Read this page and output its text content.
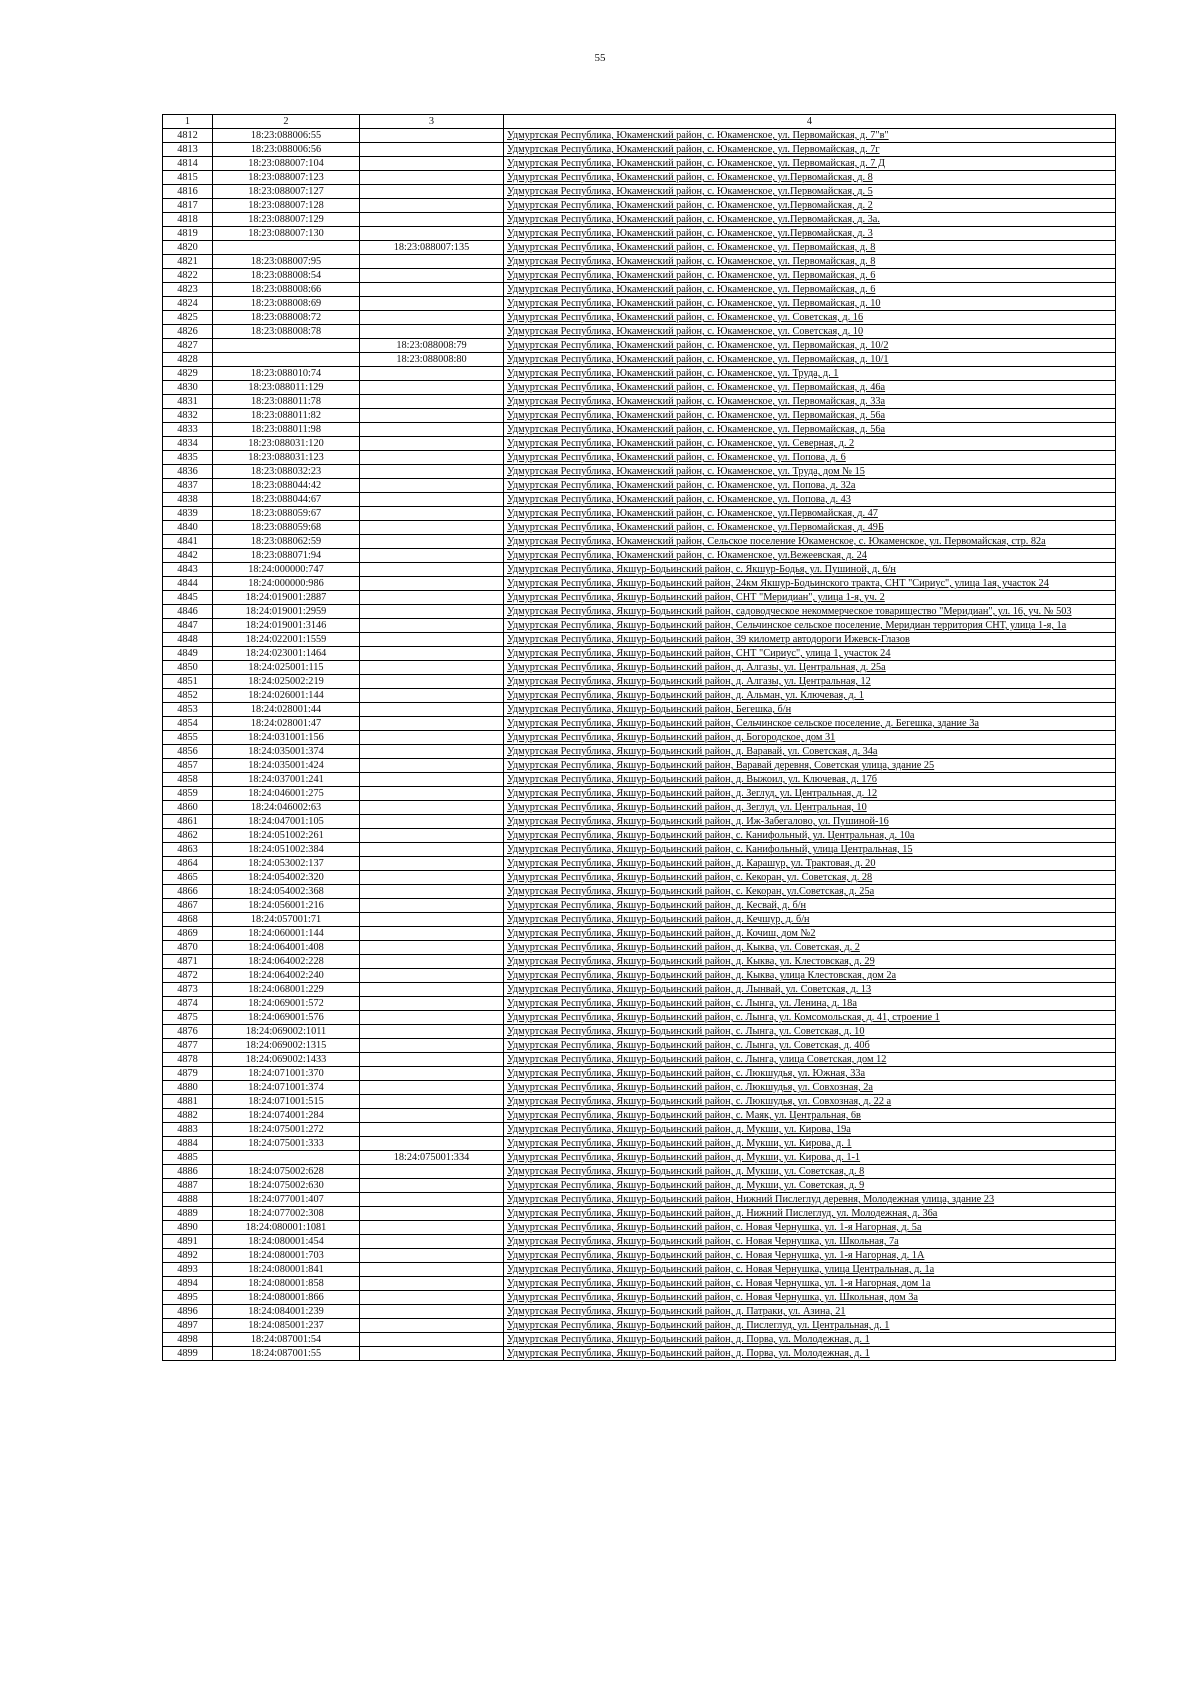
55
1	2	3	4
4812	18:23:088006:55		Удмуртская Республика, Юкаменский район, с. Юкаменское, ул. Первомайская, д. 7"в"
4813	18:23:088006:56		Удмуртская Республика, Юкаменский район, с. Юкаменское, ул. Первомайская, д. 7г
4814	18:23:088007:104		Удмуртская Республика, Юкаменский район, с. Юкаменское, ул. Первомайская, д. 7 Д
4815	18:23:088007:123		Удмуртская Республика, Юкаменский район, с. Юкаменское, ул.Первомайская, д. 8
4816	18:23:088007:127		Удмуртская Республика, Юкаменский район, с. Юкаменское, ул.Первомайская, д. 5
4817	18:23:088007:128		Удмуртская Республика, Юкаменский район, с. Юкаменское, ул.Первомайская, д. 2
4818	18:23:088007:129		Удмуртская Республика, Юкаменский район, с. Юкаменское, ул.Первомайская, д. 3а.
4819	18:23:088007:130		Удмуртская Республика, Юкаменский район, с. Юкаменское, ул.Первомайская, д. 3
4820		18:23:088007:135	Удмуртская Республика, Юкаменский район, с. Юкаменское, ул. Первомайская, д. 8
4821	18:23:088007:95		Удмуртская Республика, Юкаменский район, с. Юкаменское, ул. Первомайская, д. 8
4822	18:23:088008:54		Удмуртская Республика, Юкаменский район, с. Юкаменское, ул. Первомайская, д. 6
4823	18:23:088008:66		Удмуртская Республика, Юкаменский район, с. Юкаменское, ул. Первомайская, д. 6
4824	18:23:088008:69		Удмуртская Республика, Юкаменский район, с. Юкаменское, ул. Первомайская, д. 10
4825	18:23:088008:72		Удмуртская Республика, Юкаменский район, с. Юкаменское, ул. Советская, д. 16
4826	18:23:088008:78		Удмуртская Республика, Юкаменский район, с. Юкаменское, ул. Советская, д. 10
4827		18:23:088008:79	Удмуртская Республика, Юкаменский район, с. Юкаменское, ул. Первомайская, д. 10/2
4828		18:23:088008:80	Удмуртская Республика, Юкаменский район, с. Юкаменское, ул. Первомайская, д. 10/1
4829	18:23:088010:74		Удмуртская Республика, Юкаменский район, с. Юкаменское, ул. Труда, д. 1
4830	18:23:088011:129		Удмуртская Республика, Юкаменский район, с. Юкаменское, ул. Первомайская, д. 46а
4831	18:23:088011:78		Удмуртская Республика, Юкаменский район, с. Юкаменское, ул. Первомайская, д. 33а
4832	18:23:088011:82		Удмуртская Республика, Юкаменский район, с. Юкаменское, ул. Первомайская, д. 56а
4833	18:23:088011:98		Удмуртская Республика, Юкаменский район, с. Юкаменское, ул. Первомайская, д. 56а
4834	18:23:088031:120		Удмуртская Республика, Юкаменский район, с. Юкаменское, ул. Северная, д. 2
4835	18:23:088031:123		Удмуртская Республика, Юкаменский район, с. Юкаменское, ул. Попова, д. 6
4836	18:23:088032:23		Удмуртская Республика, Юкаменский район, с. Юкаменское, ул. Труда, дом № 15
4837	18:23:088044:42		Удмуртская Республика, Юкаменский район, с. Юкаменское, ул. Попова, д. 32а
4838	18:23:088044:67		Удмуртская Республика, Юкаменский район, с. Юкаменское, ул. Попова, д. 43
4839	18:23:088059:67		Удмуртская Республика, Юкаменский район, с. Юкаменское, ул.Первомайская, д. 47
4840	18:23:088059:68		Удмуртская Республика, Юкаменский район, с. Юкаменское, ул.Первомайская, д. 49Б
4841	18:23:088062:59		Удмуртская Республика, Юкаменский район, Сельское поселение Юкаменское, с. Юкаменское, ул. Первомайская, стр. 82а
4842	18:23:088071:94		Удмуртская Республика, Юкаменский район, с. Юкаменское, ул.Вежеевская, д. 24
4843	18:24:000000:747		Удмуртская Республика, Якшур-Бодьинский район, с. Якшур-Бодья, ул. Пушиной, д. 6/н
4844	18:24:000000:986		Удмуртская Республика, Якшур-Бодьинский район, 24км Якшур-Бодьинского тракта, СНТ "Сириус", улица 1ая, участок 24
4845	18:24:019001:2887		Удмуртская Республика, Якшур-Бодьинский район, СНТ "Меридиан", улица 1-я, уч. 2
4846	18:24:019001:2959		Удмуртская Республика, Якшур-Бодьинский район, садоводческое некоммерческое товарищество "Меридиан", ул. 16, уч. № 503
4847	18:24:019001:3146		Удмуртская Республика, Якшур-Бодьинский район, Сельчинское сельское поселение, Меридиан территория СНТ, улица 1-я, 1а
4848	18:24:022001:1559		Удмуртская Республика, Якшур-Бодьинский район, 39 километр автодороги Ижевск-Глазов
4849	18:24:023001:1464		Удмуртская Республика, Якшур-Бодьинский район, СНТ "Сириус", улица 1, участок 24
4850	18:24:025001:115		Удмуртская Республика, Якшур-Бодьинский район, д. Алгазы, ул. Центральная, д. 25а
4851	18:24:025002:219		Удмуртская Республика, Якшур-Бодьинский район, д. Алгазы, ул. Центральная, 12
4852	18:24:026001:144		Удмуртская Республика, Якшур-Бодьинский район, д. Альман, ул. Ключевая, д. 1
4853	18:24:028001:44		Удмуртская Республика, Якшур-Бодьинский район, Бегешка, б/н
4854	18:24:028001:47		Удмуртская Республика, Якшур-Бодьинский район, Сельчинское сельское поселение, д. Бегешка, здание 3а
4855	18:24:031001:156		Удмуртская Республика, Якшур-Бодьинский район, д. Богородское, дом 31
4856	18:24:035001:374		Удмуртская Республика, Якшур-Бодьинский район, д. Варавай, ул. Советская, д. 34а
4857	18:24:035001:424		Удмуртская Республика, Якшур-Бодьинский район, Варавай деревня, Советская улица, здание 25
4858	18:24:037001:241		Удмуртская Республика, Якшур-Бодьинский район, д. Выжоил, ул. Ключевая, д. 17б
4859	18:24:046001:275		Удмуртская Республика, Якшур-Бодьинский район, д. Зеглуд, ул. Центральная, д. 12
4860	18:24:046002:63		Удмуртская Республика, Якшур-Бодьинский район, д. Зеглуд, ул. Центральная, 10
4861	18:24:047001:105		Удмуртская Республика, Якшур-Бодьинский район, д. Иж-Забегалово, ул. Пушиной-16
4862	18:24:051002:261		Удмуртская Республика, Якшур-Бодьинский район, с. Канифольный, ул. Центральная, д. 10а
4863	18:24:051002:384		Удмуртская Республика, Якшур-Бодьинский район, с. Канифольный, улица Центральная, 15
4864	18:24:053002:137		Удмуртская Республика, Якшур-Бодьинский район, д. Карашур, ул. Трактовая, д. 20
4865	18:24:054002:320		Удмуртская Республика, Якшур-Бодьинский район, с. Кекоран, ул. Советская, д. 28
4866	18:24:054002:368		Удмуртская Республика, Якшур-Бодьинский район, с. Кекоран, ул.Советская, д. 25а
4867	18:24:056001:216		Удмуртская Республика, Якшур-Бодьинский район, д. Кесвай, д. б/н
4868	18:24:057001:71		Удмуртская Республика, Якшур-Бодьинский район, д. Кечшур, д. б/н
4869	18:24:060001:144		Удмуртская Республика, Якшур-Бодьинский район, д. Кочиш, дом №2
4870	18:24:064001:408		Удмуртская Республика, Якшур-Бодьинский район, д. Кыква, ул. Советская, д. 2
4871	18:24:064002:228		Удмуртская Республика, Якшур-Бодьинский район, д. Кыква, ул. Клестовская, д. 29
4872	18:24:064002:240		Удмуртская Республика, Якшур-Бодьинский район, д. Кыква, улица Клестовская, дом 2а
4873	18:24:068001:229		Удмуртская Республика, Якшур-Бодьинский район, д. Лынвай, ул. Советская, д. 13
4874	18:24:069001:572		Удмуртская Республика, Якшур-Бодьинский район, с. Лынга, ул. Ленина, д. 18а
4875	18:24:069001:576		Удмуртская Республика, Якшур-Бодьинский район, с. Лынга, ул. Комсомольская, д. 41, строение 1
4876	18:24:069002:1011		Удмуртская Республика, Якшур-Бодьинский район, с. Лынга, ул. Советская, д. 10
4877	18:24:069002:1315		Удмуртская Республика, Якшур-Бодьинский район, с. Лынга, ул. Советская, д. 40б
4878	18:24:069002:1433		Удмуртская Республика, Якшур-Бодьинский район, с. Лынга, улица Советская, дом 12
4879	18:24:071001:370		Удмуртская Республика, Якшур-Бодьинский район, с. Люкшудья, ул. Южная, 33а
4880	18:24:071001:374		Удмуртская Республика, Якшур-Бодьинский район, с. Люкшудья, ул. Совхозная, 2а
4881	18:24:071001:515		Удмуртская Республика, Якшур-Бодьинский район, с. Люкшудья, ул. Совхозная, д. 22 а
4882	18:24:074001:284		Удмуртская Республика, Якшур-Бодьинский район, с. Маяк, ул. Центральная, 6в
4883	18:24:075001:272		Удмуртская Республика, Якшур-Бодьинский район, д. Мукши, ул. Кирова, 19а
4884	18:24:075001:333		Удмуртская Республика, Якшур-Бодьинский район, д. Мукши, ул. Кирова, д. 1
4885		18:24:075001:334	Удмуртская Республика, Якшур-Бодьинский район, д. Мукши, ул. Кирова, д. 1-1
4886	18:24:075002:628		Удмуртская Республика, Якшур-Бодьинский район, д. Мукши, ул. Советская, д. 8
4887	18:24:075002:630		Удмуртская Республика, Якшур-Бодьинский район, д. Мукши, ул. Советская, д. 9
4888	18:24:077001:407		Удмуртская Республика, Якшур-Бодьинский район, Нижний Пислеглуд деревня, Молодежная улица, здание 23
4889	18:24:077002:308		Удмуртская Республика, Якшур-Бодьинский район, д. Нижний Пислеглуд, ул. Молодежная, д. 36а
4890	18:24:080001:1081		Удмуртская Республика, Якшур-Бодьинский район, с. Новая Чернушка, ул. 1-я Нагорная, д. 5а
4891	18:24:080001:454		Удмуртская Республика, Якшур-Бодьинский район, с. Новая Чернушка, ул. Школьная, 7а
4892	18:24:080001:703		Удмуртская Республика, Якшур-Бодьинский район, с. Новая Чернушка, ул. 1-я Нагорная, д. 1А
4893	18:24:080001:841		Удмуртская Республика, Якшур-Бодьинский район, с. Новая Чернушка, улица Центральная, д. 1а
4894	18:24:080001:858		Удмуртская Республика, Якшур-Бодьинский район, с. Новая Чернушка, ул. 1-я Нагорная, дом 1а
4895	18:24:080001:866		Удмуртская Республика, Якшур-Бодьинский район, с. Новая Чернушка, ул. Школьная, дом 3а
4896	18:24:084001:239		Удмуртская Республика, Якшур-Бодьинский район, д. Патраки, ул. Азина, 21
4897	18:24:085001:237		Удмуртская Республика, Якшур-Бодьинский район, д. Пислеглуд, ул. Центральная, д. 1
4898	18:24:087001:54		Удмуртская Республика, Якшур-Бодьинский район, д. Порва, ул. Молодежная, д. 1
4899	18:24:087001:55		Удмуртская Республика, Якшур-Бодьинский район, д. Порва, ул. Молодежная, д. 1
